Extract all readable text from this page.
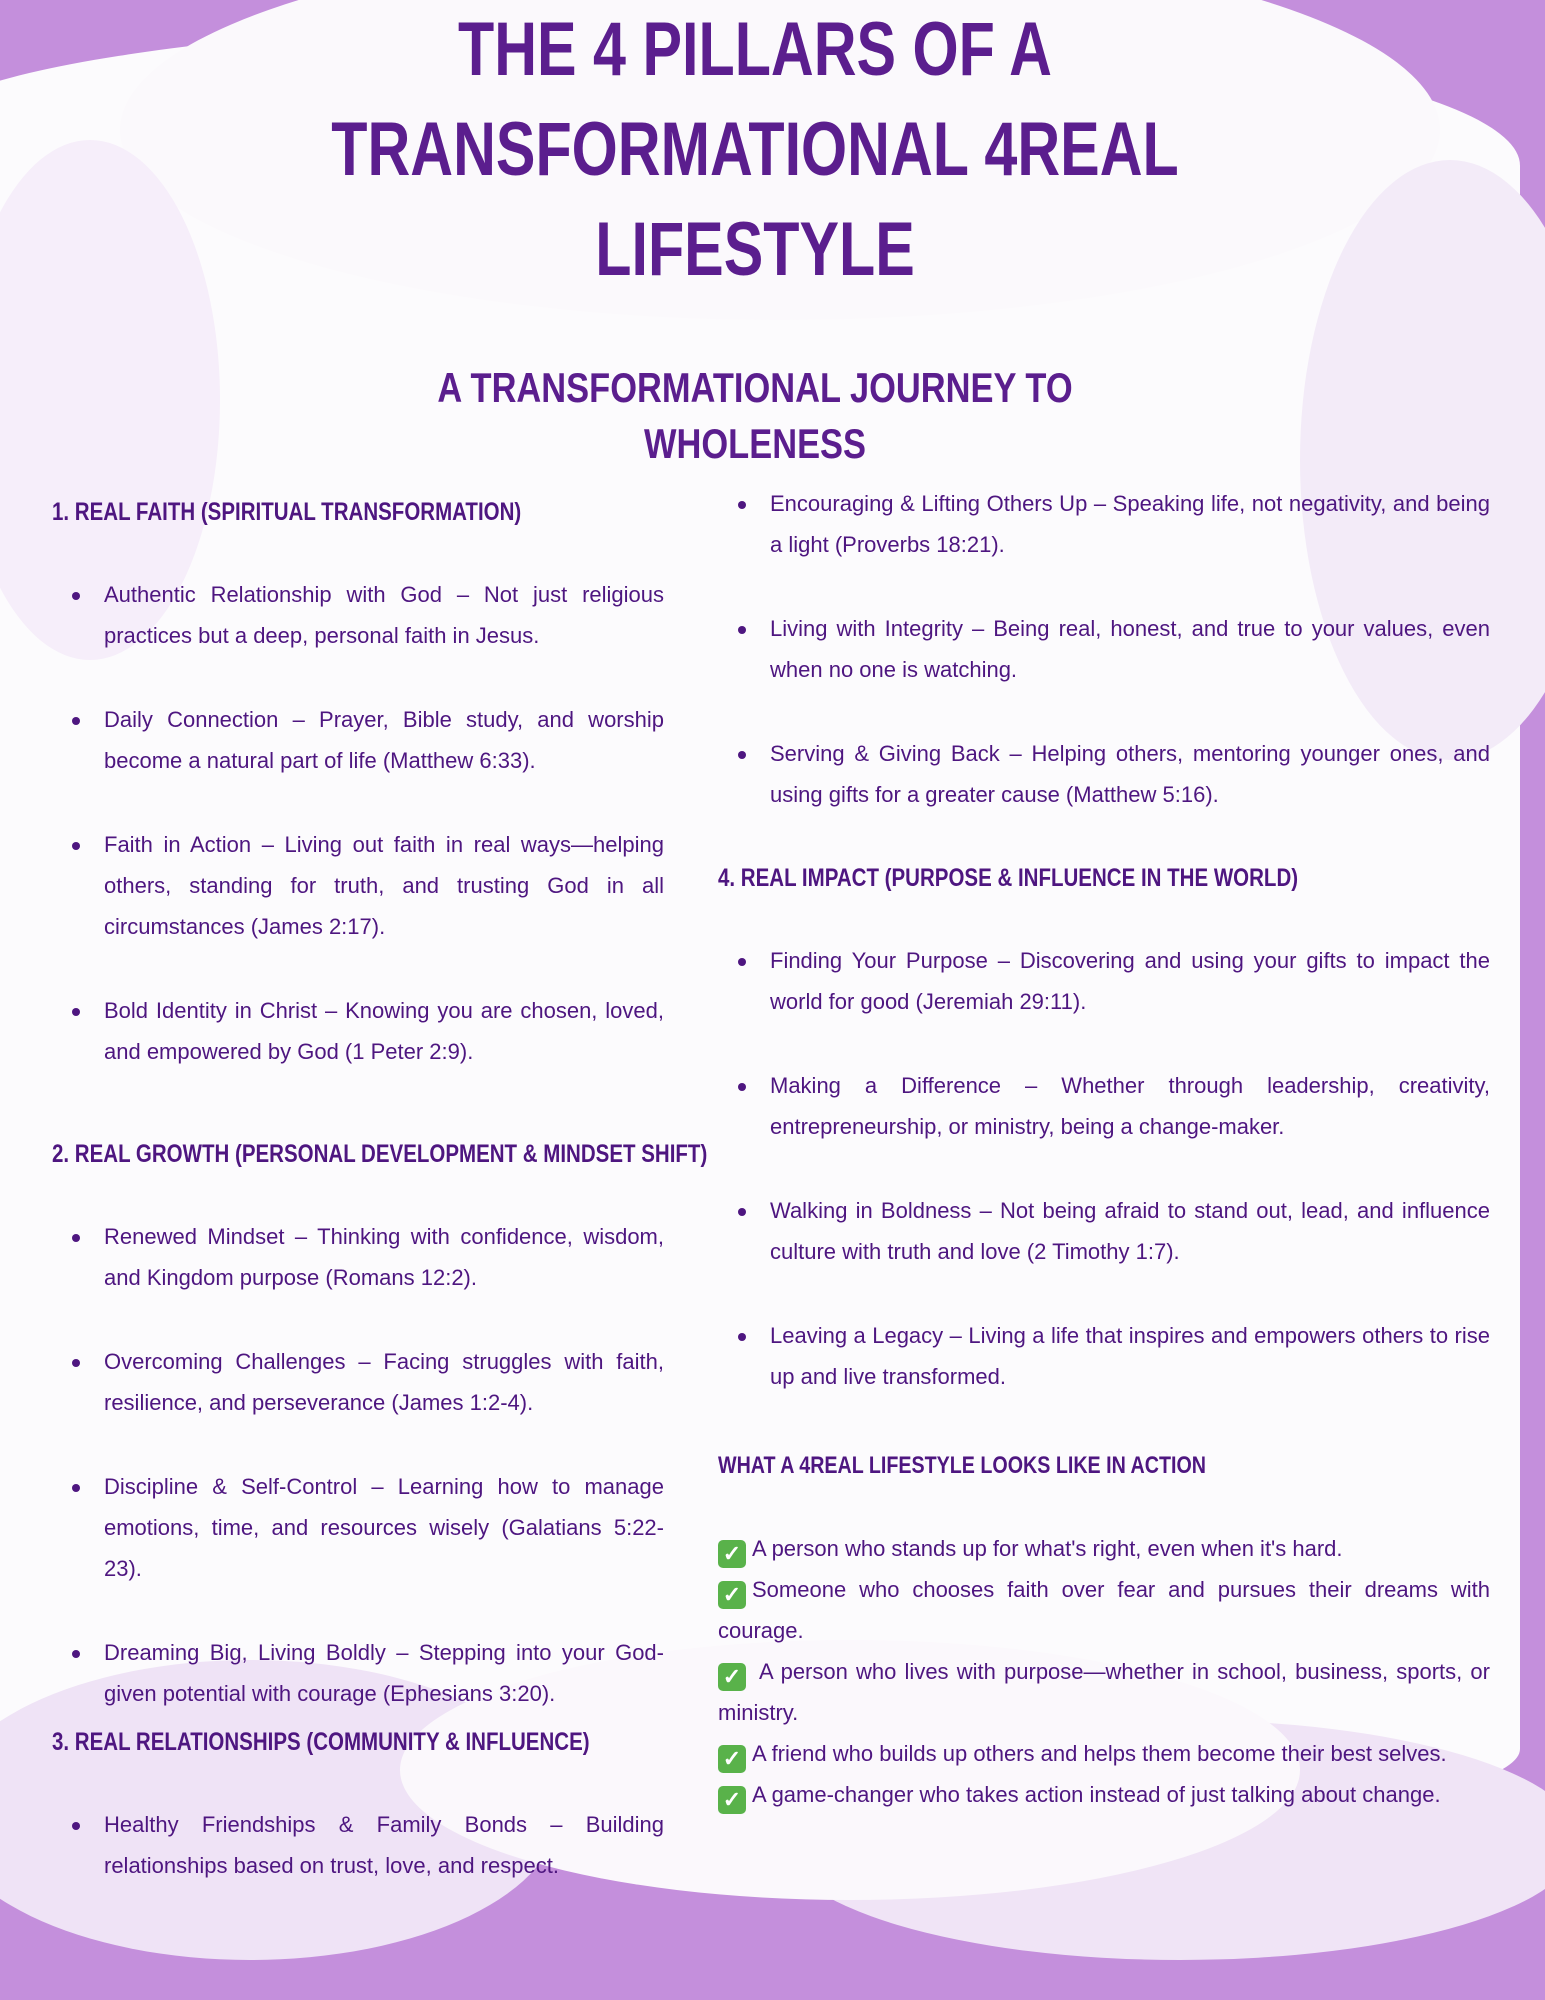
THE 4 PILLARS OF A TRANSFORMATIONAL 4REAL LIFESTYLE
A TRANSFORMATIONAL JOURNEY TO WHOLENESS
1. REAL FAITH (SPIRITUAL TRANSFORMATION)
Authentic Relationship with God – Not just religious practices but a deep, personal faith in Jesus.
Daily Connection – Prayer, Bible study, and worship become a natural part of life (Matthew 6:33).
Faith in Action – Living out faith in real ways—helping others, standing for truth, and trusting God in all circumstances (James 2:17).
Bold Identity in Christ – Knowing you are chosen, loved, and empowered by God (1 Peter 2:9).
2. REAL GROWTH (PERSONAL DEVELOPMENT & MINDSET SHIFT)
Renewed Mindset – Thinking with confidence, wisdom, and Kingdom purpose (Romans 12:2).
Overcoming Challenges – Facing struggles with faith, resilience, and perseverance (James 1:2-4).
Discipline & Self-Control – Learning how to manage emotions, time, and resources wisely (Galatians 5:22-23).
Dreaming Big, Living Boldly – Stepping into your God-given potential with courage (Ephesians 3:20).
3. REAL RELATIONSHIPS (COMMUNITY & INFLUENCE)
Healthy Friendships & Family Bonds – Building relationships based on trust, love, and respect.
Encouraging & Lifting Others Up – Speaking life, not negativity, and being a light (Proverbs 18:21).
Living with Integrity – Being real, honest, and true to your values, even when no one is watching.
Serving & Giving Back – Helping others, mentoring younger ones, and using gifts for a greater cause (Matthew 5:16).
4. REAL IMPACT (PURPOSE & INFLUENCE IN THE WORLD)
Finding Your Purpose – Discovering and using your gifts to impact the world for good (Jeremiah 29:11).
Making a Difference – Whether through leadership, creativity, entrepreneurship, or ministry, being a change-maker.
Walking in Boldness – Not being afraid to stand out, lead, and influence culture with truth and love (2 Timothy 1:7).
Leaving a Legacy – Living a life that inspires and empowers others to rise up and live transformed.
WHAT A 4REAL LIFESTYLE LOOKS LIKE IN ACTION
✓ A person who stands up for what's right, even when it's hard.
✓ Someone who chooses faith over fear and pursues their dreams with courage.
✓ A person who lives with purpose—whether in school, business, sports, or ministry.
✓ A friend who builds up others and helps them become their best selves.
✓ A game-changer who takes action instead of just talking about change.
